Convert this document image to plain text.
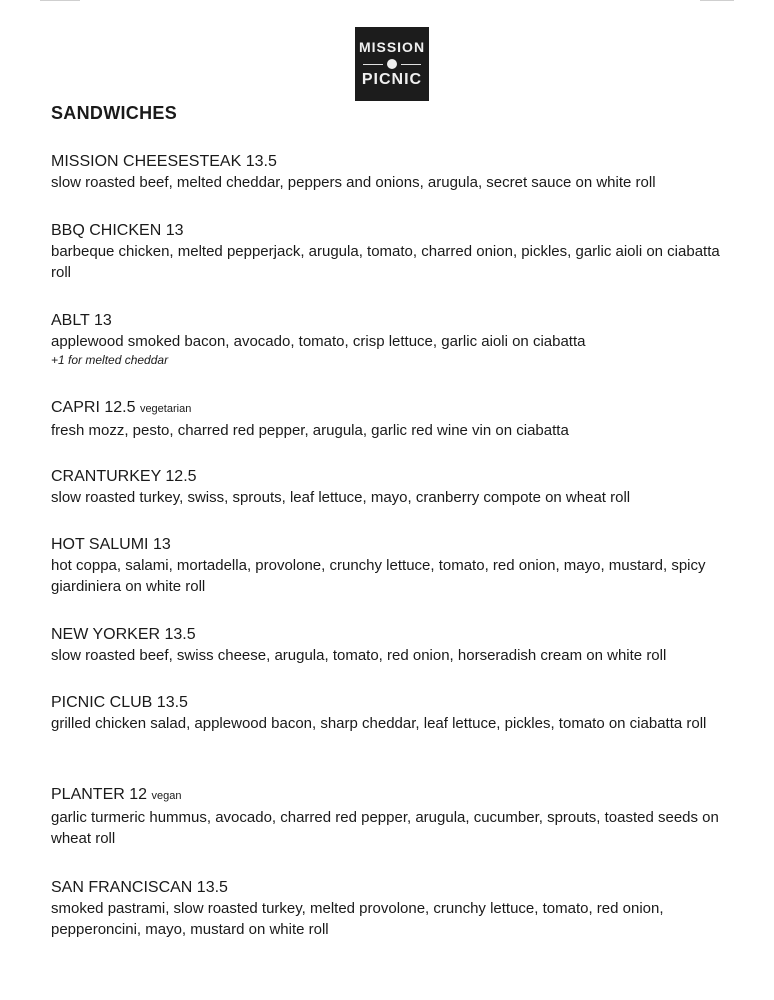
MISSION
PICNIC
SANDWICHES
MISSION CHEESESTEAK 13.5
slow roasted beef, melted cheddar, peppers and onions, arugula, secret sauce on white roll
BBQ CHICKEN 13
barbeque chicken, melted pepperjack, arugula, tomato, charred onion, pickles, garlic aioli on ciabatta roll
ABLT 13
applewood smoked bacon, avocado, tomato, crisp lettuce, garlic aioli on ciabatta
+1 for melted cheddar
CAPRI 12.5 vegetarian
fresh mozz, pesto, charred red pepper, arugula, garlic red wine vin on ciabatta
CRANTURKEY 12.5
slow roasted turkey, swiss, sprouts, leaf lettuce, mayo, cranberry compote on wheat roll
HOT SALUMI 13
hot coppa, salami, mortadella, provolone, crunchy lettuce, tomato, red onion, mayo, mustard, spicy giardiniera on white roll
NEW YORKER 13.5
slow roasted beef, swiss cheese, arugula, tomato, red onion, horseradish cream on white roll
PICNIC CLUB 13.5
grilled chicken salad, applewood bacon, sharp cheddar, leaf lettuce, pickles, tomato on ciabatta roll
PLANTER 12 vegan
garlic turmeric hummus, avocado, charred red pepper, arugula, cucumber, sprouts, toasted seeds on wheat roll
SAN FRANCISCAN 13.5
smoked pastrami, slow roasted turkey, melted provolone, crunchy lettuce, tomato, red onion, pepperoncini, mayo, mustard on white roll
